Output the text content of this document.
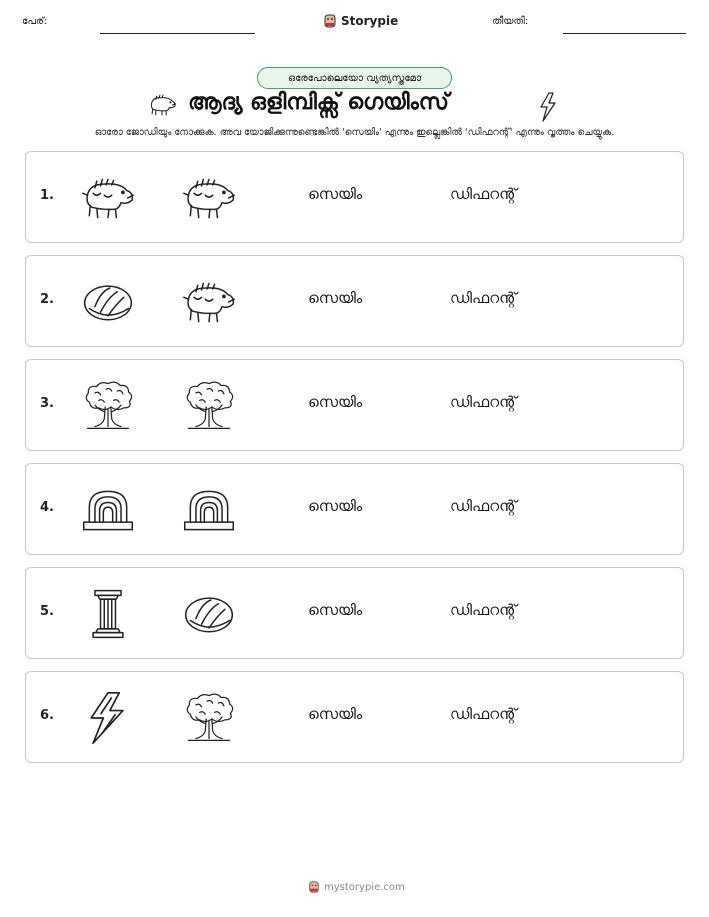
പേര്:	Storypie	തീയതി:
ഒരേപോലെയോ വ്യത്യസ്തമോ
ആദ്യ ഒളിമ്പിക്സ് ഗെയിംസ്
ഓരോ ജോഡിയും നോക്കുക. അവ യോജിക്കുന്നുണ്ടെങ്കിൽ 'സെയിം' എന്നും ഇല്ലെങ്കിൽ 'ഡിഫറന്റ്' എന്നും വൃത്തം ചെയ്യുക.
1.	സെയിം	ഡിഫറന്റ്
2.	സെയിം	ഡിഫറന്റ്
3.	സെയിം	ഡിഫറന്റ്
4.	സെയിം	ഡിഫറന്റ്
5.	സെയിം	ഡിഫറന്റ്
6.	സെയിം	ഡിഫറന്റ്
mystorypie.com
